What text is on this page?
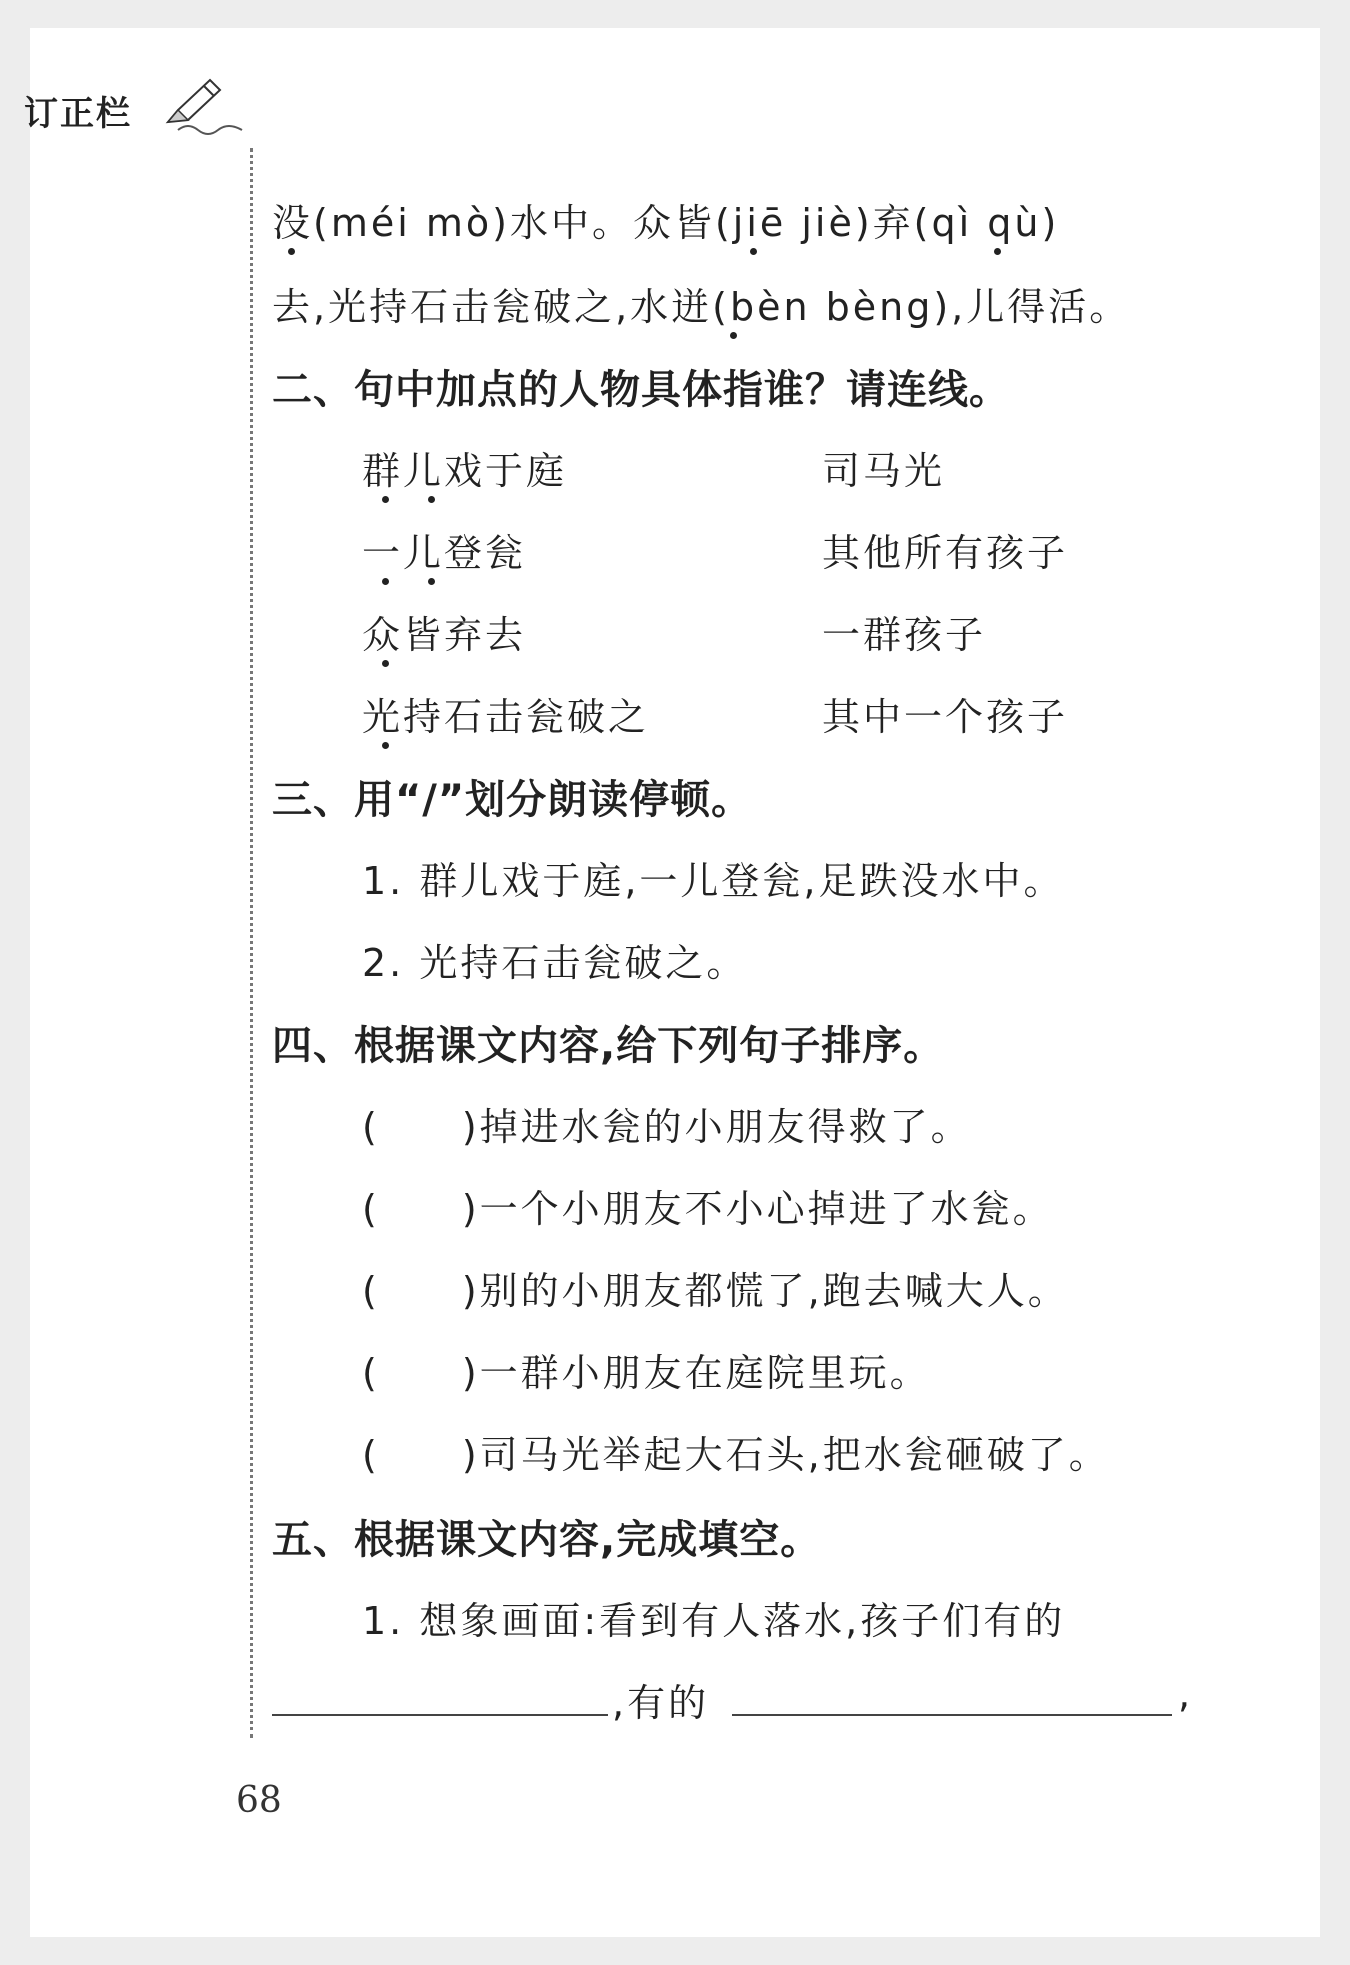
订正栏
没(méi mò)水中。众皆(jiē jiè)弃(qì qù)
去,光持石击瓮破之,水迸(bèn bèng),儿得活。
二、句中加点的人物具体指谁？请连线。
群儿戏于庭	司马光
一儿登瓮	其他所有孩子
众皆弃去	一群孩子
光持石击瓮破之	其中一个孩子
三、用“/”划分朗读停顿。
1. 群儿戏于庭,一儿登瓮,足跌没水中。
2. 光持石击瓮破之。
四、根据课文内容,给下列句子排序。
(　　)掉进水瓮的小朋友得救了。
(　　)一个小朋友不小心掉进了水瓮。
(　　)别的小朋友都慌了,跑去喊大人。
(　　)一群小朋友在庭院里玩。
(　　)司马光举起大石头,把水瓮砸破了。
五、根据课文内容,完成填空。
1. 想象画面:看到有人落水,孩子们有的
,有的	,
68
